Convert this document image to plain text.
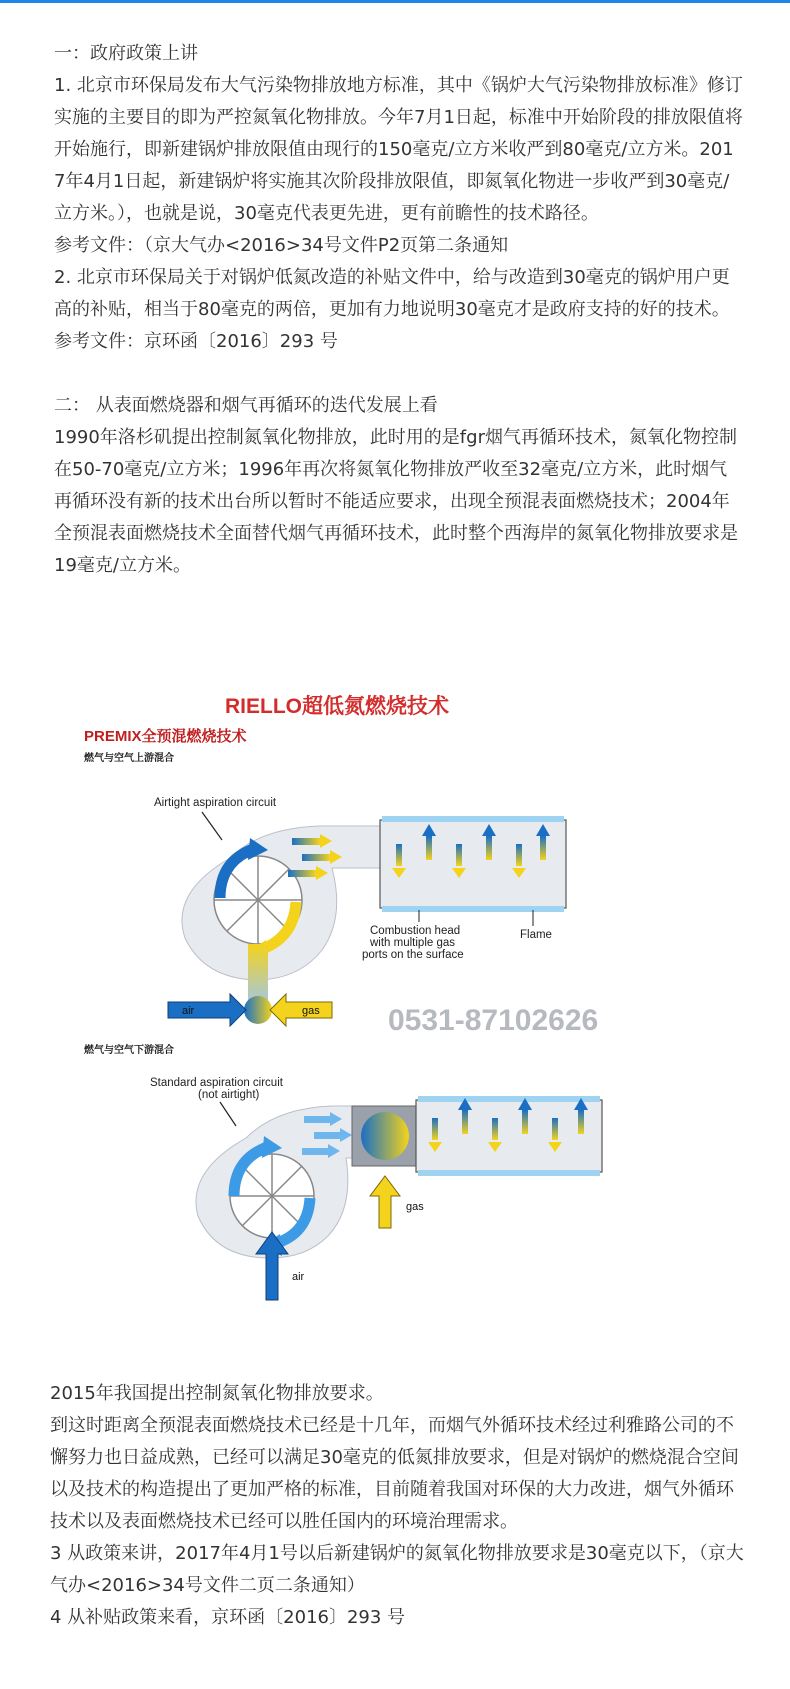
一：政府政策上讲

1. 北京市环保局发布大气污染物排放地方标准，其中《锅炉大气污染物排放标准》修订实施的主要目的即为严控氮氧化物排放。今年7月1日起，标准中开始阶段的排放限值将开始施行，即新建锅炉排放限值由现行的150毫克/立方米收严到80毫克/立方米。2017年4月1日起，新建锅炉将实施其次阶段排放限值，即氮氧化物进一步收严到30毫克/立方米。），也就是说，30毫克代表更先进，更有前瞻性的技术路径。

参考文件：（京大气办<2016>34号文件P2页第二条通知

2. 北京市环保局关于对锅炉低氮改造的补贴文件中，给与改造到30毫克的锅炉用户更高的补贴，相当于80毫克的两倍，更加有力地说明30毫克才是政府支持的好的技术。

参考文件：京环函〔2016〕293 号

二： 从表面燃烧器和烟气再循环的迭代发展上看

1990年洛杉矶提出控制氮氧化物排放，此时用的是fgr烟气再循环技术，氮氧化物控制在50-70毫克/立方米；1996年再次将氮氧化物排放严收至32毫克/立方米，此时烟气再循环没有新的技术出台所以暂时不能适应要求，出现全预混表面燃烧技术；2004年全预混表面燃烧技术全面替代烟气再循环技术，此时整个西海岸的氮氧化物排放要求是19毫克/立方米。

RIELLO超低氮燃烧技术
PREMIX全预混燃烧技术
燃气与空气上游混合
Airtight aspiration circuit
Combustion head
with multiple gas
ports on the surface
Flame
air	gas 0531-87102626
燃气与空气下游混合
Standard aspiration circuit
(not airtight)
gas
air

2015年我国提出控制氮氧化物排放要求。

到这时距离全预混表面燃烧技术已经是十几年，而烟气外循环技术经过利雅路公司的不懈努力也日益成熟，已经可以满足30毫克的低氮排放要求，但是对锅炉的燃烧混合空间以及技术的构造提出了更加严格的标准，目前随着我国对环保的大力改进，烟气外循环技术以及表面燃烧技术已经可以胜任国内的环境治理需求。

3 从政策来讲，2017年4月1号以后新建锅炉的氮氧化物排放要求是30毫克以下，（京大气办<2016>34号文件二页二条通知）

4 从补贴政策来看，京环函〔2016〕293 号
